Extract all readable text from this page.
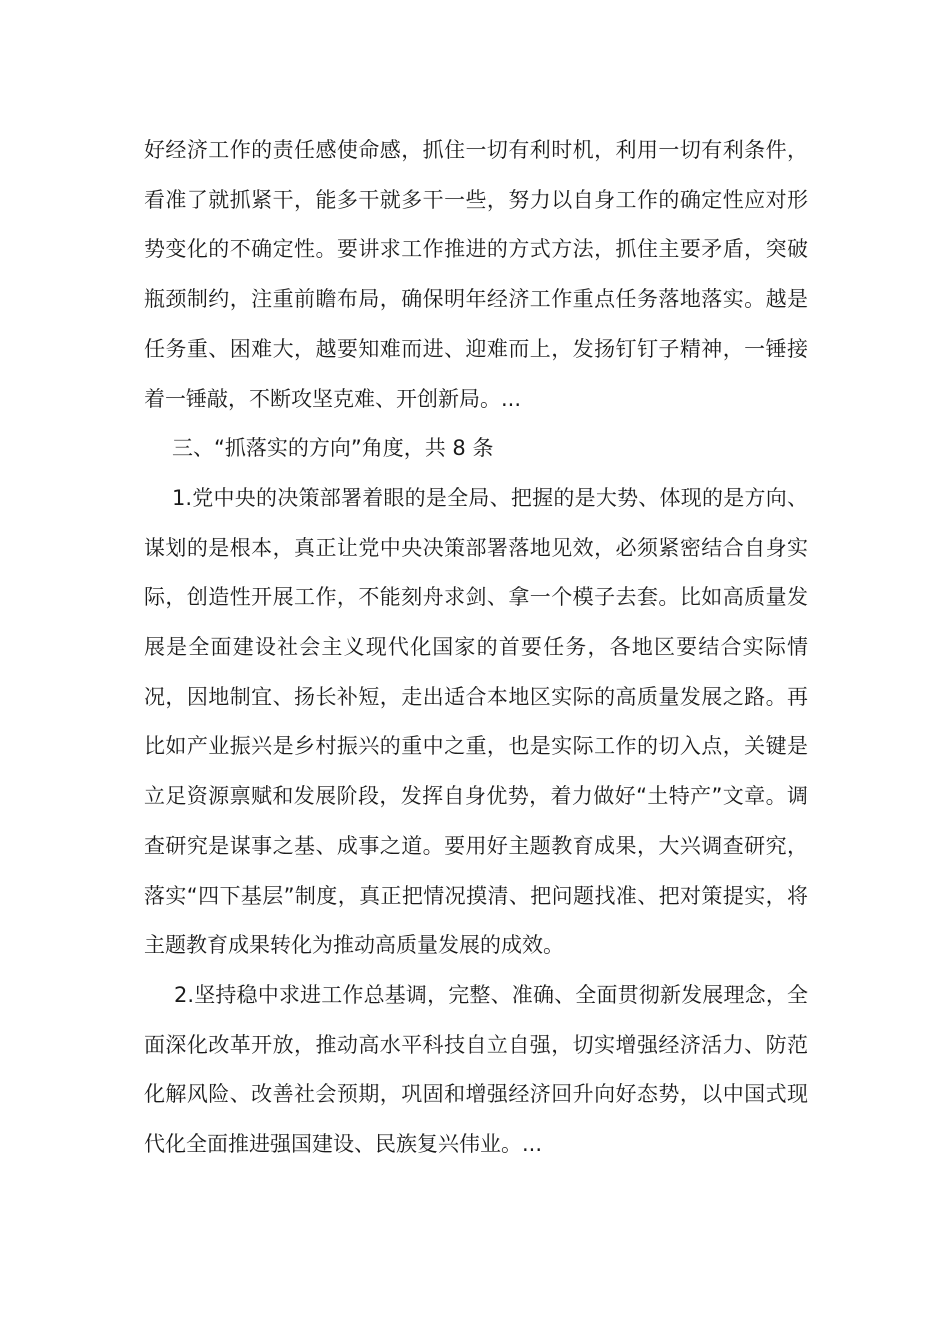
好经济工作的责任感使命感，抓住一切有利时机，利用一切有利条件，看准了就抓紧干，能多干就多干一些，努力以自身工作的确定性应对形势变化的不确定性。要讲求工作推进的方式方法，抓住主要矛盾，突破瓶颈制约，注重前瞻布局，确保明年经济工作重点任务落地落实。越是任务重、困难大，越要知难而进、迎难而上，发扬钉钉子精神，一锤接着一锤敲，不断攻坚克难、开创新局。...

三、“抓落实的方向”角度，共 8 条

1.党中央的决策部署着眼的是全局、把握的是大势、体现的是方向、谋划的是根本，真正让党中央决策部署落地见效，必须紧密结合自身实际，创造性开展工作，不能刻舟求剑、拿一个模子去套。比如高质量发展是全面建设社会主义现代化国家的首要任务，各地区要结合实际情况，因地制宜、扬长补短，走出适合本地区实际的高质量发展之路。再比如产业振兴是乡村振兴的重中之重，也是实际工作的切入点，关键是立足资源禀赋和发展阶段，发挥自身优势，着力做好“土特产”文章。调查研究是谋事之基、成事之道。要用好主题教育成果，大兴调查研究，落实“四下基层”制度，真正把情况摸清、把问题找准、把对策提实，将主题教育成果转化为推动高质量发展的成效。

2.坚持稳中求进工作总基调，完整、准确、全面贯彻新发展理念，全面深化改革开放，推动高水平科技自立自强，切实增强经济活力、防范化解风险、改善社会预期，巩固和增强经济回升向好态势，以中国式现代化全面推进强国建设、民族复兴伟业。...
